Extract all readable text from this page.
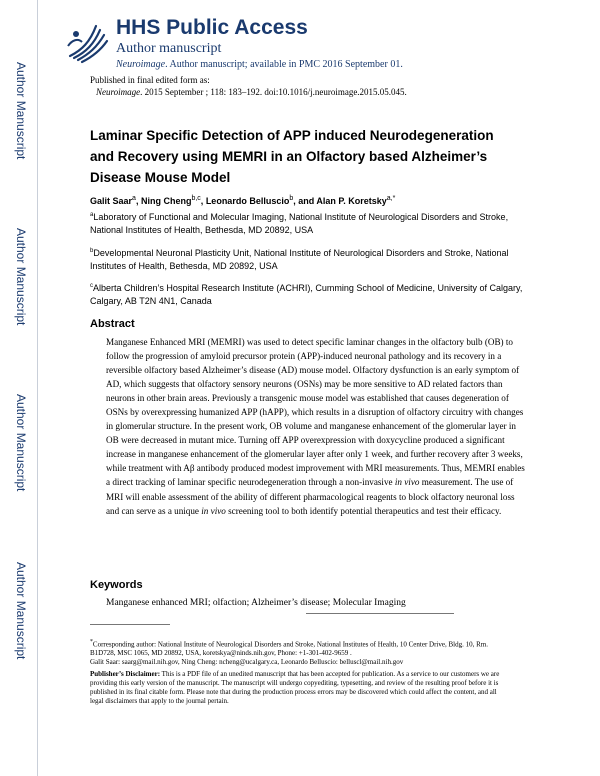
Author Manuscript
Author Manuscript
Author Manuscript
Author Manuscript
HHS Public Access
Author manuscript
Neuroimage. Author manuscript; available in PMC 2016 September 01.
Published in final edited form as:
Neuroimage. 2015 September ; 118: 183–192. doi:10.1016/j.neuroimage.2015.05.045.
Laminar Specific Detection of APP induced Neurodegeneration and Recovery using MEMRI in an Olfactory based Alzheimer’s Disease Mouse Model
Galit Saar$^a$, Ning Cheng$^{b,c}$, Leonardo Belluscio$^b$, and Alan P. Koretsky$^{a,*}$
$^a$Laboratory of Functional and Molecular Imaging, National Institute of Neurological Disorders and Stroke, National Institutes of Health, Bethesda, MD 20892, USA
$^b$Developmental Neuronal Plasticity Unit, National Institute of Neurological Disorders and Stroke, National Institutes of Health, Bethesda, MD 20892, USA
$^c$Alberta Children’s Hospital Research Institute (ACHRI), Cumming School of Medicine, University of Calgary, Calgary, AB T2N 4N1, Canada
Abstract
Manganese Enhanced MRI (MEMRI) was used to detect specific laminar changes in the olfactory bulb (OB) to follow the progression of amyloid precursor protein (APP)-induced neuronal pathology and its recovery in a reversible olfactory based Alzheimer’s disease (AD) mouse model. Olfactory dysfunction is an early symptom of AD, which suggests that olfactory sensory neurons (OSNs) may be more sensitive to AD related factors than neurons in other brain areas. Previously a transgenic mouse model was established that causes degeneration of OSNs by overexpressing humanized APP (hAPP), which results in a disruption of olfactory circuitry with changes in glomerular structure. In the present work, OB volume and manganese enhancement of the glomerular layer in OB were decreased in mutant mice. Turning off APP overexpression with doxycycline produced a significant increase in manganese enhancement of the glomerular layer after only 1 week, and further recovery after 3 weeks, while treatment with Aβ antibody produced modest improvement with MRI measurements. Thus, MEMRI enables a direct tracking of laminar specific neurodegeneration through a non-invasive in vivo measurement. The use of MRI will enable assessment of the ability of different pharmacological reagents to block olfactory neuronal loss and can serve as a unique in vivo screening tool to both identify potential therapeutics and test their efficacy.
Keywords
Manganese enhanced MRI; olfaction; Alzheimer’s disease; Molecular Imaging
*Corresponding author: National Institute of Neurological Disorders and Stroke, National Institutes of Health, 10 Center Drive, Bldg. 10, Rm. B1D728, MSC 1065, MD 20892, USA, koretskya@ninds.nih.gov, Phone: +1-301-402-9659 .
Galit Saar: saarg@mail.nih.gov, Ning Cheng: ncheng@ucalgary.ca, Leonardo Belluscio: belluscl@mail.nih.gov
Publisher’s Disclaimer: This is a PDF file of an unedited manuscript that has been accepted for publication. As a service to our customers we are providing this early version of the manuscript. The manuscript will undergo copyediting, typesetting, and review of the resulting proof before it is published in its final citable form. Please note that during the production process errors may be discovered which could affect the content, and all legal disclaimers that apply to the journal pertain.
